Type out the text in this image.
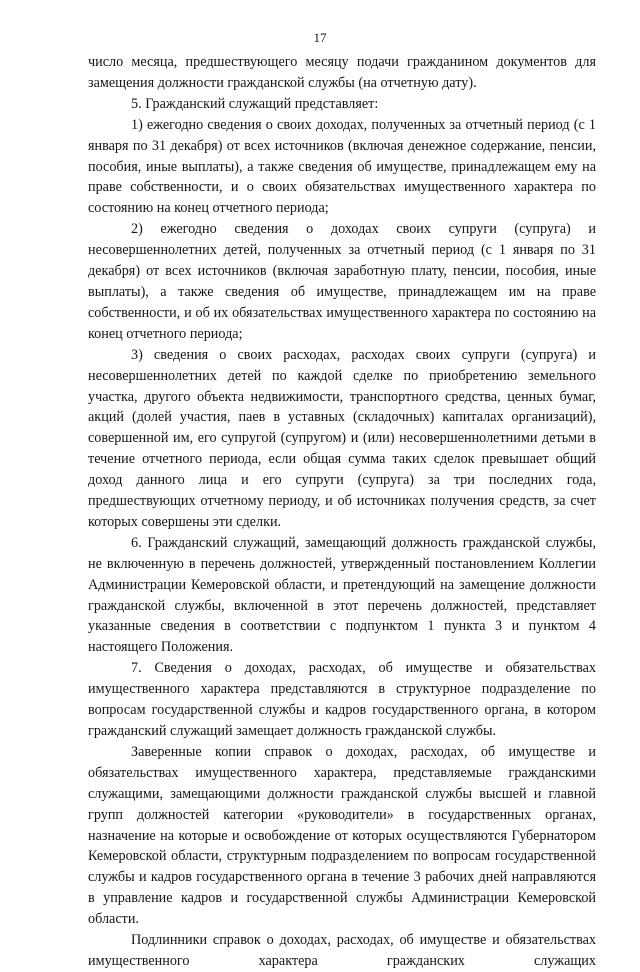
17

число месяца, предшествующего месяцу подачи гражданином документов для замещения должности гражданской службы (на отчетную дату).

5. Гражданский служащий представляет:

1) ежегодно сведения о своих доходах, полученных за отчетный период (с 1 января по 31 декабря) от всех источников (включая денежное содержание, пенсии, пособия, иные выплаты), а также сведения об имуществе, принадлежащем ему на праве собственности, и о своих обязательствах имущественного характера по состоянию на конец отчетного периода;

2) ежегодно сведения о доходах своих супруги (супруга) и несовершеннолетних детей, полученных за отчетный период (с 1 января по 31 декабря) от всех источников (включая заработную плату, пенсии, пособия, иные выплаты), а также сведения об имуществе, принадлежащем им на праве собственности, и об их обязательствах имущественного характера по состоянию на конец отчетного периода;

3) сведения о своих расходах, расходах своих супруги (супруга) и несовершеннолетних детей по каждой сделке по приобретению земельного участка, другого объекта недвижимости, транспортного средства, ценных бумаг, акций (долей участия, паев в уставных (складочных) капиталах организаций), совершенной им, его супругой (супругом) и (или) несовершеннолетними детьми в течение отчетного периода, если общая сумма таких сделок превышает общий доход данного лица и его супруги (супруга) за три последних года, предшествующих отчетному периоду, и об источниках получения средств, за счет которых совершены эти сделки.

6. Гражданский служащий, замещающий должность гражданской службы, не включенную в перечень должностей, утвержденный постановлением Коллегии Администрации Кемеровской области, и претендующий на замещение должности гражданской службы, включенной в этот перечень должностей, представляет указанные сведения в соответствии с подпунктом 1 пункта 3 и пунктом 4 настоящего Положения.

7. Сведения о доходах, расходах, об имуществе и обязательствах имущественного характера представляются в структурное подразделение по вопросам государственной службы и кадров государственного органа, в котором гражданский служащий замещает должность гражданской службы.

Заверенные копии справок о доходах, расходах, об имуществе и обязательствах имущественного характера, представляемые гражданскими служащими, замещающими должности гражданской службы высшей и главной групп должностей категории «руководители» в государственных органах, назначение на которые и освобождение от которых осуществляются Губернатором Кемеровской области, структурным подразделением по вопросам государственной службы и кадров государственного органа в течение 3 рабочих дней направляются в управление кадров и государственной службы Администрации Кемеровской области.

Подлинники справок о доходах, расходах, об имуществе и обязательствах имущественного характера гражданских служащих
